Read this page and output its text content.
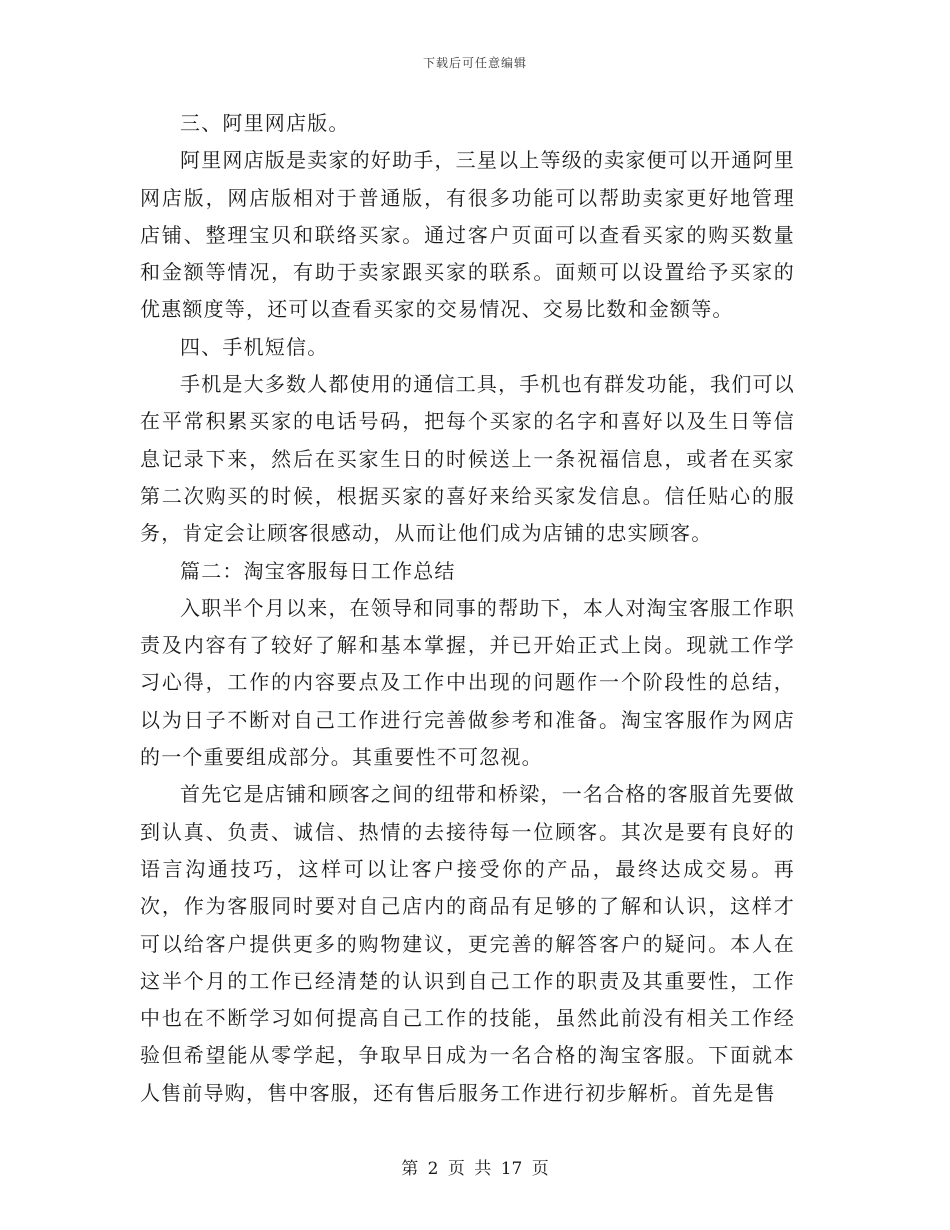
下载后可任意编辑

三、阿里网店版。

阿里网店版是卖家的好助手，三星以上等级的卖家便可以开通阿里网店版，网店版相对于普通版，有很多功能可以帮助卖家更好地管理店铺、整理宝贝和联络买家。通过客户页面可以查看买家的购买数量和金额等情况，有助于卖家跟买家的联系。面颊可以设置给予买家的优惠额度等，还可以查看买家的交易情况、交易比数和金额等。

四、手机短信。

手机是大多数人都使用的通信工具，手机也有群发功能，我们可以在平常积累买家的电话号码，把每个买家的名字和喜好以及生日等信息记录下来，然后在买家生日的时候送上一条祝福信息，或者在买家第二次购买的时候，根据买家的喜好来给买家发信息。信任贴心的服务，肯定会让顾客很感动，从而让他们成为店铺的忠实顾客。

篇二：淘宝客服每日工作总结

入职半个月以来，在领导和同事的帮助下，本人对淘宝客服工作职责及内容有了较好了解和基本掌握，并已开始正式上岗。现就工作学习心得，工作的内容要点及工作中出现的问题作一个阶段性的总结，以为日子不断对自己工作进行完善做参考和准备。淘宝客服作为网店的一个重要组成部分。其重要性不可忽视。

首先它是店铺和顾客之间的纽带和桥梁，一名合格的客服首先要做到认真、负责、诚信、热情的去接待每一位顾客。其次是要有良好的语言沟通技巧，这样可以让客户接受你的产品，最终达成交易。再次，作为客服同时要对自己店内的商品有足够的了解和认识，这样才可以给客户提供更多的购物建议，更完善的解答客户的疑问。本人在这半个月的工作已经清楚的认识到自己工作的职责及其重要性，工作中也在不断学习如何提高自己工作的技能，虽然此前没有相关工作经验但希望能从零学起，争取早日成为一名合格的淘宝客服。下面就本人售前导购，售中客服，还有售后服务工作进行初步解析。首先是售

第 2 页 共 17 页
